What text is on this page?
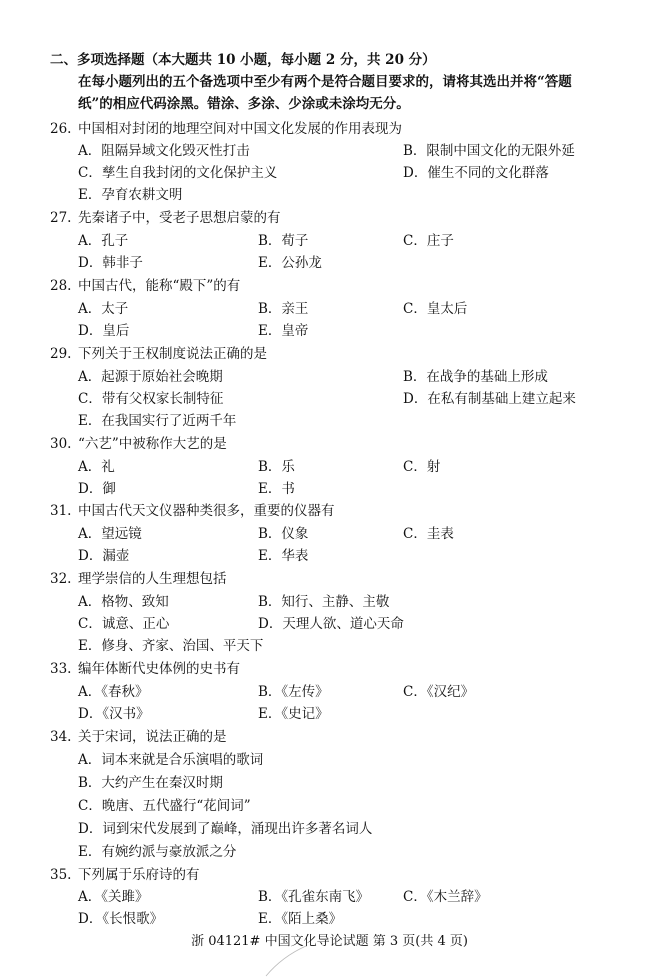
二、多项选择题（本大题共 10 小题，每小题 2 分，共 20 分）
在每小题列出的五个备选项中至少有两个是符合题目要求的，请将其选出并将“答题
纸”的相应代码涂黑。错涂、多涂、少涂或未涂均无分。
26. 中国相对封闭的地理空间对中国文化发展的作用表现为
A．阻隔异域文化毁灭性打击	B．限制中国文化的无限外延
C．孳生自我封闭的文化保护主义	D．催生不同的文化群落
E．孕育农耕文明
27. 先秦诸子中，受老子思想启蒙的有
A．孔子	B．荀子	C．庄子
D．韩非子	E．公孙龙
28. 中国古代，能称“殿下”的有
A．太子	B．亲王	C．皇太后
D．皇后	E．皇帝
29. 下列关于王权制度说法正确的是
A．起源于原始社会晚期	B．在战争的基础上形成
C．带有父权家长制特征	D．在私有制基础上建立起来
E．在我国实行了近两千年
30. “六艺”中被称作大艺的是
A．礼	B．乐	C．射
D．御	E．书
31. 中国古代天文仪器种类很多，重要的仪器有
A．望远镜	B．仪象	C．圭表
D．漏壶	E．华表
32. 理学崇信的人生理想包括
A．格物、致知	B．知行、主静、主敬
C．诚意、正心	D．天理人欲、道心天命
E．修身、齐家、治国、平天下
33. 编年体断代史体例的史书有
A．《春秋》	B．《左传》	C．《汉纪》
D．《汉书》	E．《史记》
34. 关于宋词，说法正确的是
A．词本来就是合乐演唱的歌词
B．大约产生在秦汉时期
C．晚唐、五代盛行“花间词”
D．词到宋代发展到了巅峰，涌现出许多著名词人
E．有婉约派与豪放派之分
35. 下列属于乐府诗的有
A．《关雎》	B．《孔雀东南飞》	C．《木兰辞》
D．《长恨歌》	E．《陌上桑》
浙 04121# 中国文化导论试题 第 3 页(共 4 页)
